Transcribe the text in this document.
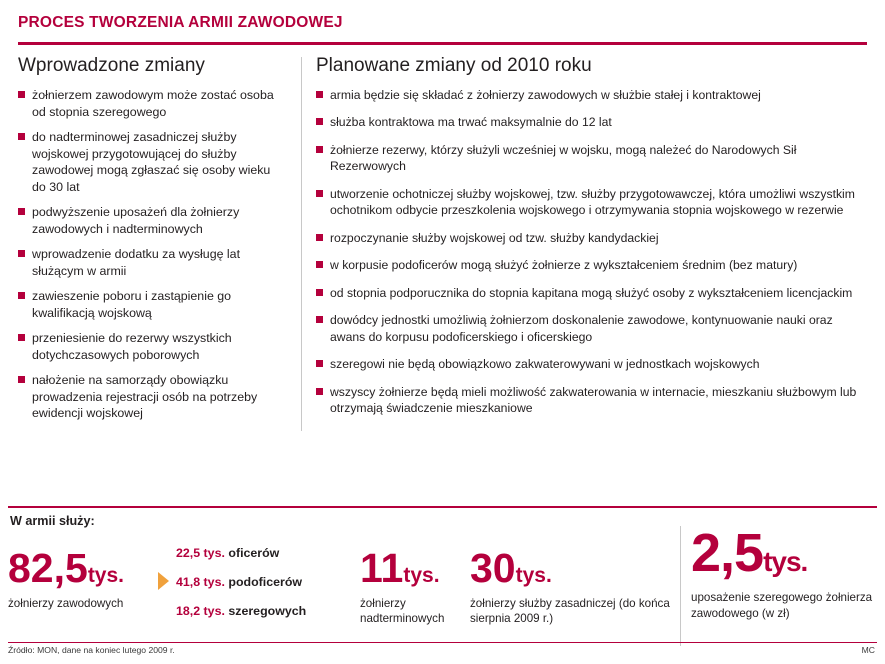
PROCES TWORZENIA ARMII ZAWODOWEJ
Wprowadzone zmiany
żołnierzem zawodowym może zostać osoba od stopnia szeregowego
do nadterminowej zasadniczej służby wojskowej przygotowującej do służby zawodowej mogą zgłaszać się osoby wieku do 30 lat
podwyższenie uposażeń dla żołnierzy zawodowych i nadterminowych
wprowadzenie dodatku za wysługę lat służącym w armii
zawieszenie poboru i zastąpienie go kwalifikacją wojskową
przeniesienie do rezerwy wszystkich dotychczasowych poborowych
nałożenie na samorządy obowiązku prowadzenia rejestracji osób na potrzeby ewidencji wojskowej
Planowane zmiany od 2010 roku
armia będzie się składać z żołnierzy zawodowych w służbie stałej i kontraktowej
służba kontraktowa ma trwać maksymalnie do 12 lat
żołnierze rezerwy, którzy służyli wcześniej w wojsku, mogą należeć do Narodowych Sił Rezerwowych
utworzenie ochotniczej służby wojskowej, tzw. służby przygotowawczej, która umożliwi wszystkim ochotnikom odbycie przeszkolenia wojskowego i otrzymywania stopnia wojskowego w rezerwie
rozpoczynanie służby wojskowej od tzw. służby kandydackiej
w korpusie podoficerów mogą służyć żołnierze z wykształceniem średnim (bez matury)
od stopnia podporucznika do stopnia kapitana mogą służyć osoby z wykształceniem licencjackim
dowódcy jednostki umożliwią żołnierzom doskonalenie zawodowe, kontynuowanie nauki oraz awans do korpusu podoficerskiego i oficerskiego
szeregowi nie będą obowiązkowo zakwaterowywani w jednostkach wojskowych
wszyscy żołnierze będą mieli możliwość zakwaterowania w internacie, mieszkaniu służbowym lub otrzymają świadczenie mieszkaniowe
W armii służy:
82,5tys.
żołnierzy zawodowych
22,5 tys. oficerów
41,8 tys. podoficerów
18,2 tys. szeregowych
11tys.
żołnierzy nadterminowych
30tys.
żołnierzy służby zasadniczej (do końca sierpnia 2009 r.)
2,5tys.
uposażenie szeregowego żołnierza zawodowego (w zł)
Źródło: MON, dane na koniec lutego 2009 r.	MC
